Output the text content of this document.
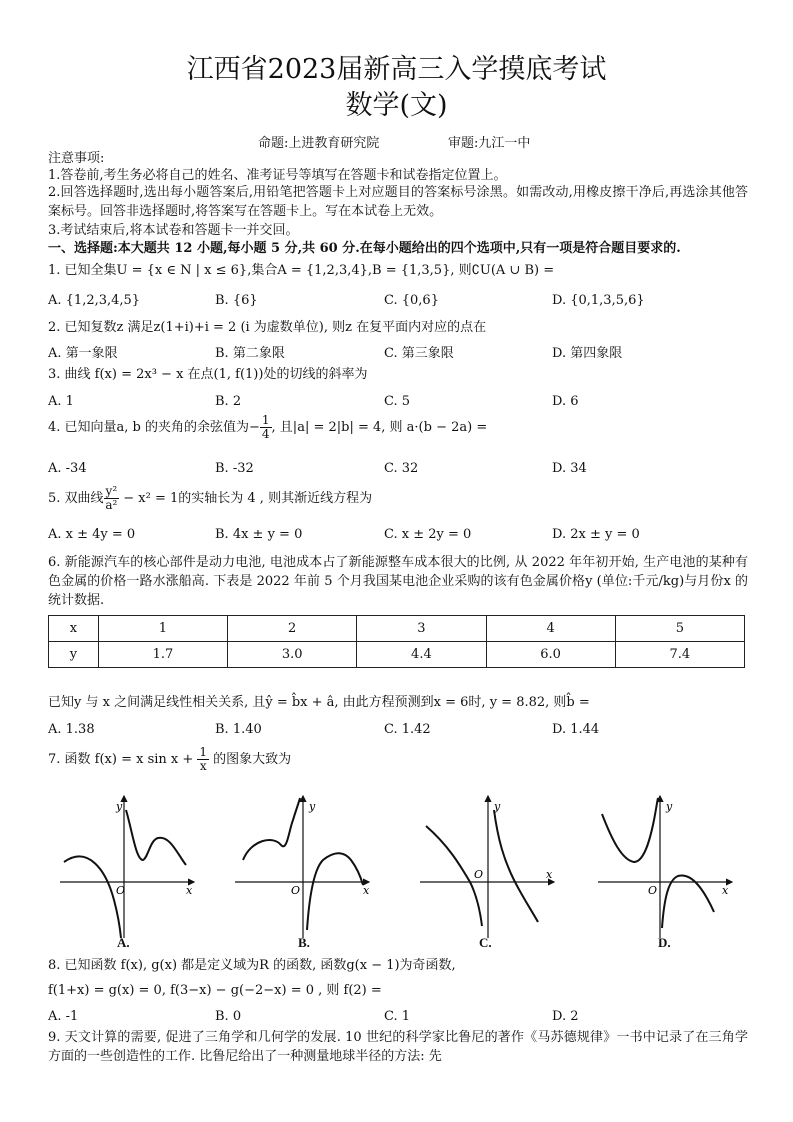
江西省2023届新高三入学摸底考试
数学(文)
命题:上进教育研究院	审题:九江一中
注意事项:
1.答卷前,考生务必将自己的姓名、准考证号等填写在答题卡和试卷指定位置上。
2.回答选择题时,选出每小题答案后,用铅笔把答题卡上对应题目的答案标号涂黑。如需改动,用橡皮擦干净后,再选涂其他答案标号。回答非选择题时,将答案写在答题卡上。写在本试卷上无效。
3.考试结束后,将本试卷和答题卡一并交回。
一、选择题:本大题共 12 小题,每小题 5 分,共 60 分.在每小题给出的四个选项中,只有一项是符合题目要求的.
1. 已知全集U = {x ∈ N | x ≤ 6},集合A = {1,2,3,4},B = {1,3,5}, 则∁U(A ∪ B) =
A. {1,2,3,4,5}	B. {6}	C. {0,6}	D. {0,1,3,5,6}
2. 已知复数z 满足z(1+i)+i = 2 (i 为虚数单位), 则z 在复平面内对应的点在
A. 第一象限	B. 第二象限	C. 第三象限	D. 第四象限
3. 曲线 f(x) = 2x³ − x 在点(1, f(1))处的切线的斜率为
A. 1	B. 2	C. 5	D. 6
4. 已知向量a, b 的夹角的余弦值为− $\frac{1}{4}$ , 且|a| = 2|b| = 4, 则 a·(b − 2a) =
A. -34	B. -32	C. 32	D. 34
5. 双曲线 $\frac{\text{y²}}{\text{a²}} - x^2 = 1$的实轴长为 4 , 则其渐近线方程为
A. x ± 4y = 0	B. 4x ± y = 0	C. x ± 2y = 0	D. 2x ± y = 0
6. 新能源汽车的核心部件是动力电池, 电池成本占了新能源整车成本很大的比例, 从 2022 年年初开始, 生产电池的某种有色金属的价格一路水涨船高. 下表是 2022 年前 5 个月我国某电池企业采购的该有色金属价格y (单位:千元/kg)与月份x 的统计数据.
x	1	2	3	4	5
y	1.7	3.0	4.4	6.0	7.4
已知y 与 x 之间满足线性相关关系, 且ŷ = b̂x + â, 由此方程预测到x = 6时, y = 8.82, 则b̂ =
A. 1.38	B. 1.40	C. 1.42	D. 1.44
7. 函数 f(x) = x $\sin x + \frac{1}{x}$ 的图象大致为
y
O	x
A.
y
O	x
B.
y
O	x
C.
y
O	x
D.
8. 已知函数 f(x), g(x) 都是定义域为R 的函数, 函数g(x − 1)为奇函数,
f(1+x) = g(x) = 0, f(3−x) − g(−2−x) = 0 , 则 f(2) =
A. -1	B. 0	C. 1	D. 2
9. 天文计算的需要, 促进了三角学和几何学的发展. 10 世纪的科学家比鲁尼的著作《马苏德规律》一书中记录了在三角学方面的一些创造性的工作. 比鲁尼给出了一种测量地球半径的方法: 先
